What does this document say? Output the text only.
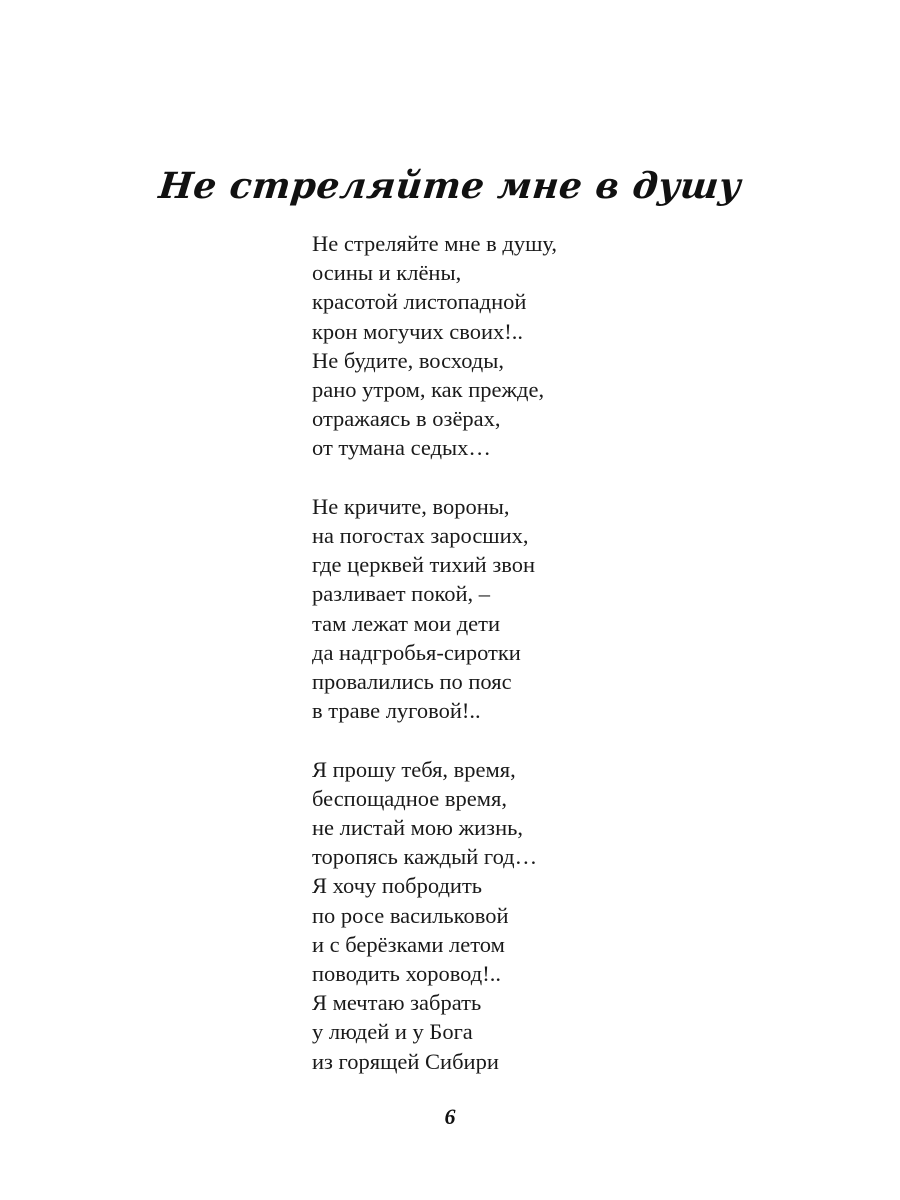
Не стреляйте мне в душу
Не стреляйте мне в душу,
осины и клёны,
красотой листопадной
крон могучих своих!..
Не будите, восходы,
рано утром, как прежде,
отражаясь в озёрах,
от тумана седых…
Не кричите, вороны,
на погостах заросших,
где церквей тихий звон
разливает покой, –
там лежат мои дети
да надгробья-сиротки
провалились по пояс
в траве луговой!..
Я прошу тебя, время,
беспощадное время,
не листай мою жизнь,
торопясь каждый год…
Я хочу побродить
по росе васильковой
и с берёзками летом
поводить хоровод!..
Я мечтаю забрать
у людей и у Бога
из горящей Сибири
6
